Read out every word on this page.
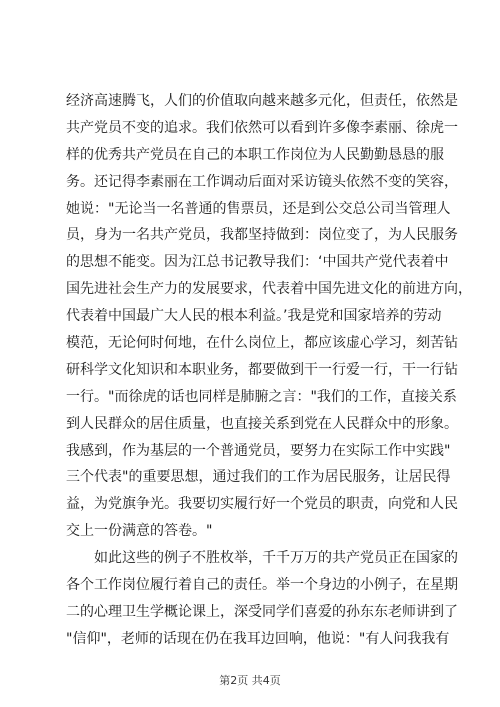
经济高速腾飞，人们的价值取向越来越多元化，但责任，依然是
共产党员不变的追求。我们依然可以看到许多像李素丽、徐虎一
样的优秀共产党员在自己的本职工作岗位为人民勤勤恳恳的服
务。还记得李素丽在工作调动后面对采访镜头依然不变的笑容，
她说："无论当一名普通的售票员，还是到公交总公司当管理人
员，身为一名共产党员，我都坚持做到：岗位变了，为人民服务
的思想不能变。因为江总书记教导我们：‘中国共产党代表着中
国先进社会生产力的发展要求，代表着中国先进文化的前进方向，
代表着中国最广大人民的根本利益。’我是党和国家培养的劳动
模范，无论何时何地，在什么岗位上，都应该虚心学习，刻苦钻
研科学文化知识和本职业务，都要做到干一行爱一行，干一行钻
一行。"而徐虎的话也同样是肺腑之言："我们的工作，直接关系
到人民群众的居住质量，也直接关系到党在人民群众中的形象。
我感到，作为基层的一个普通党员，要努力在实际工作中实践"
三个代表"的重要思想，通过我们的工作为居民服务，让居民得
益，为党旗争光。我要切实履行好一个党员的职责，向党和人民
交上一份满意的答卷。"
如此这些的例子不胜枚举，千千万万的共产党员正在国家的
各个工作岗位履行着自己的责任。举一个身边的小例子，在星期
二的心理卫生学概论课上，深受同学们喜爱的孙东东老师讲到了
"信仰"，老师的话现在仍在我耳边回响，他说："有人问我我有
第2页 共4页
